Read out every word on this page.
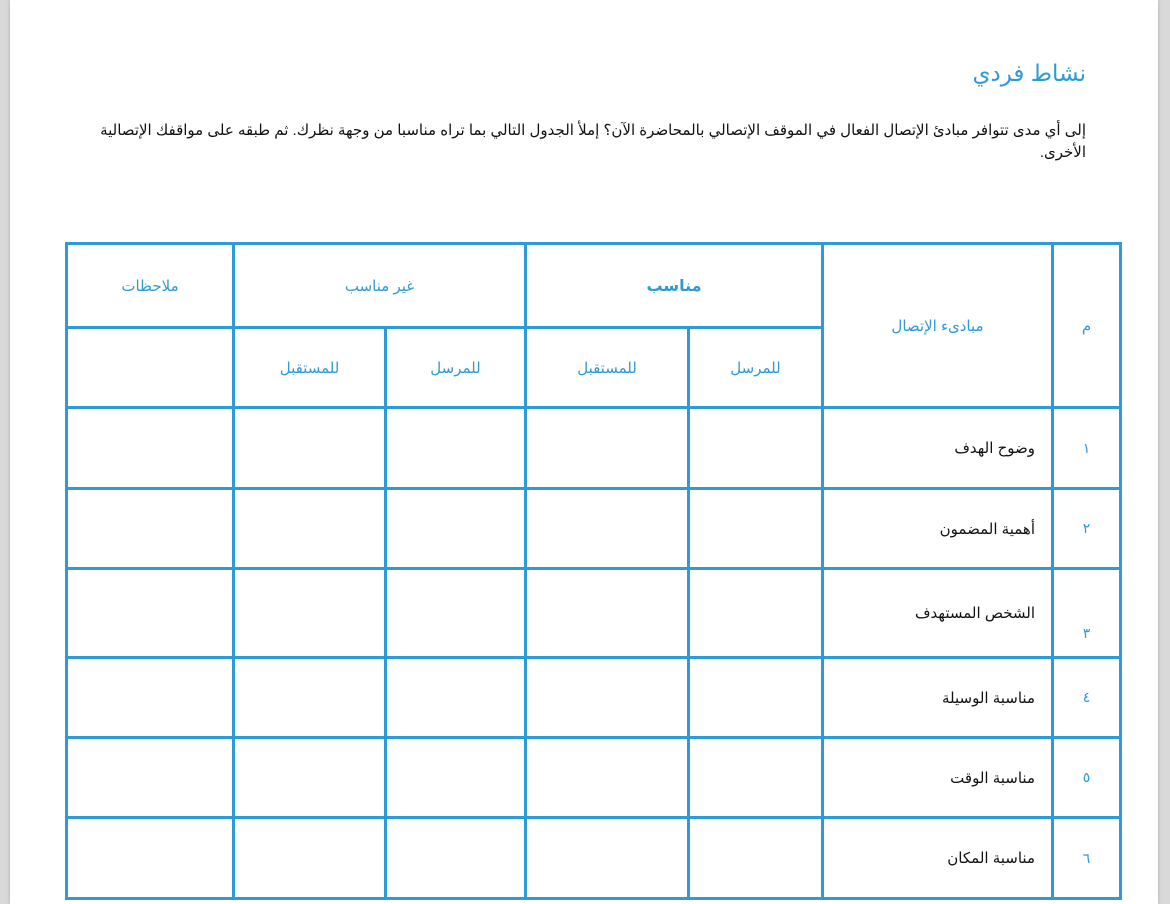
نشاط فردي

إلى أي مدى تتوافر مبادئ الإتصال الفعال في الموقف الإتصالي بالمحاضرة الآن؟ إملأ الجدول التالي بما تراه مناسبا من وجهة نظرك. ثم طبقه على مواقفك الإتصالية الأخرى.

م	مبادىء الإتصال	مناسب		غير مناسب		ملاحظات
		للمرسل	للمستقبل	للمرسل	للمستقبل	
١	وضوح الهدف					
٢	أهمية المضمون					
٣	الشخص المستهدف					
٤	مناسبة الوسيلة					
٥	مناسبة الوقت					
٦	مناسبة المكان					
